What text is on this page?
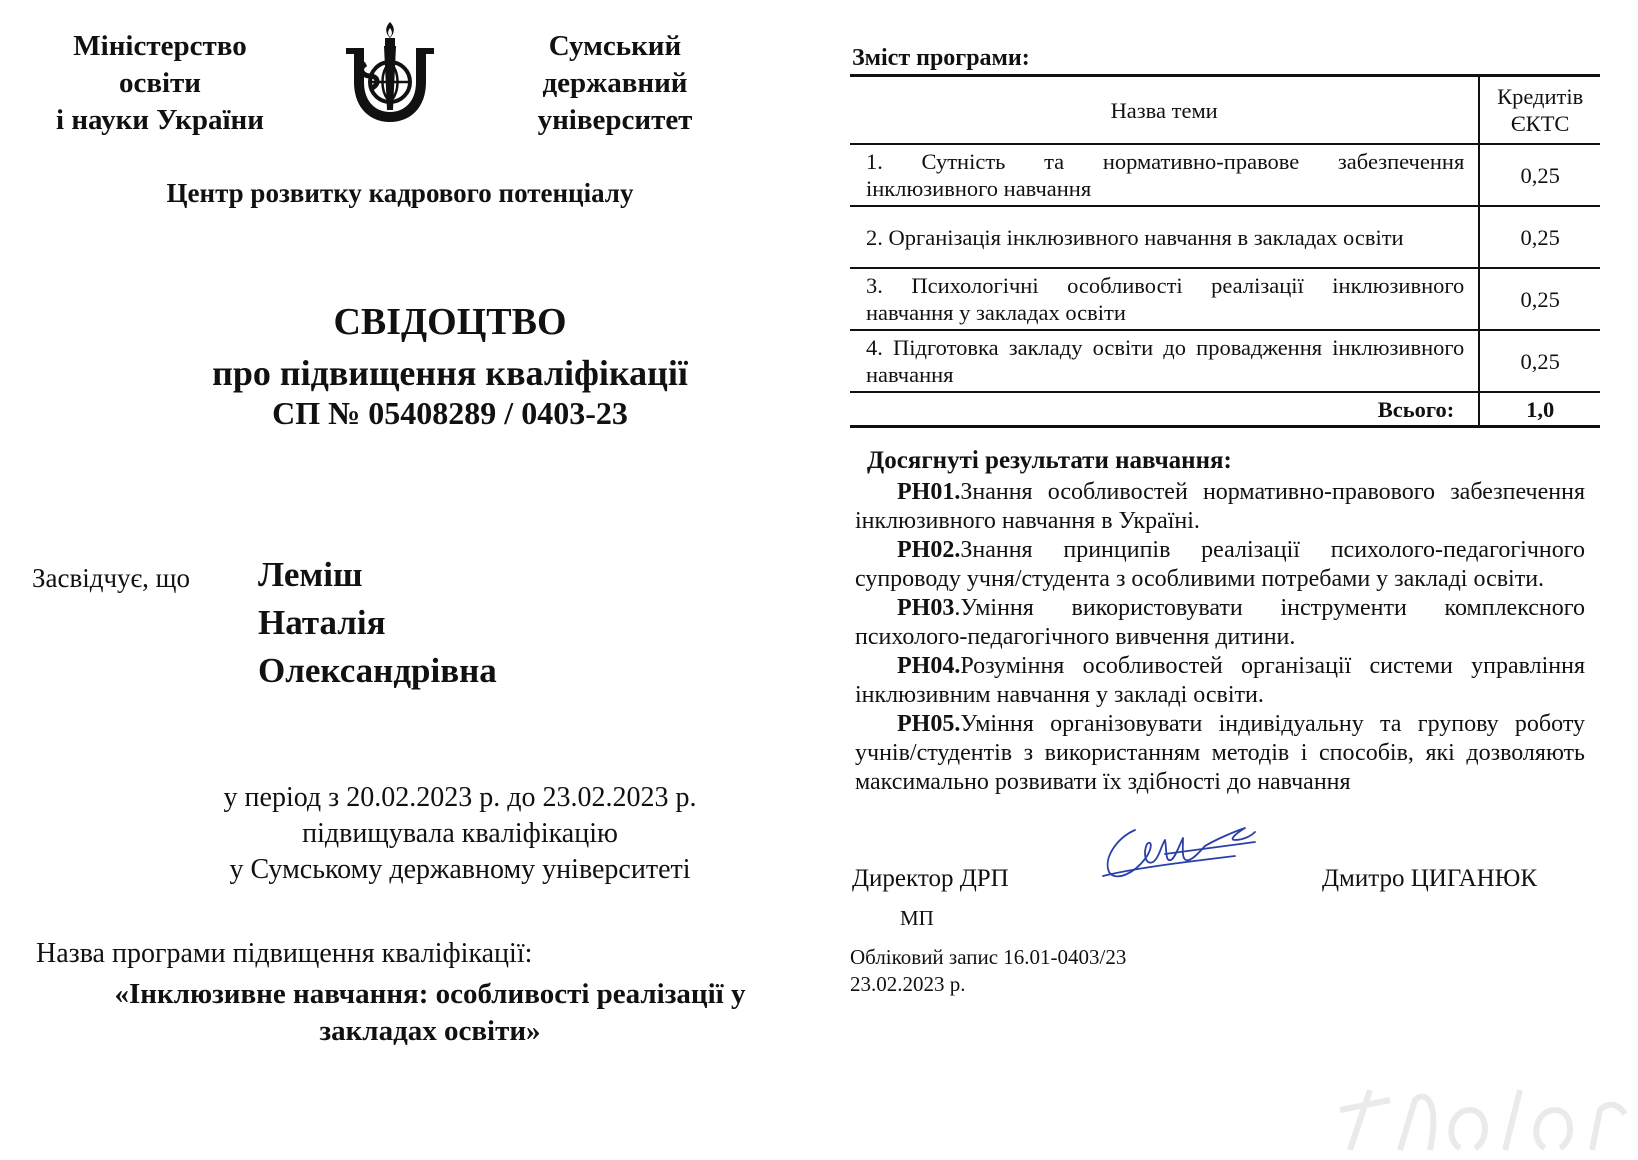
Міністерство
освіти
і науки України
Сумський
державний
університет
Центр розвитку кадрового потенціалу
СВІДОЦТВО
про підвищення кваліфікації
СП № 05408289 / 0403-23
Засвідчує, що Леміш
Наталія
Олександрівна
у період з 20.02.2023 р. до 23.02.2023 р.
підвищувала кваліфікацію
у Сумському державному університеті
Назва програми підвищення кваліфікації:
«Інклюзивне навчання: особливості реалізації у
закладах освіти»
Зміст програми:
Назва теми	Кредитів ЄКТС
1. Сутність та нормативно-правове забезпечення інклюзивного навчання	0,25
2. Організація інклюзивного навчання в закладах освіти	0,25
3. Психологічні особливості реалізації інклюзивного навчання у закладах освіти	0,25
4. Підготовка закладу освіти до провадження інклюзивного навчання	0,25
Всього:	1,0
Досягнуті результати навчання:

РН01.Знання особливостей нормативно-правового забезпечення інклюзивного навчання в Україні.

РН02.Знання принципів реалізації психолого-педагогічного супроводу учня/студента з особливими потребами у закладі освіти.

РН03.Уміння використовувати інструменти комплексного психолого-педагогічного вивчення дитини.

РН04.Розуміння особливостей організації системи управління інклюзивним навчання у закладі освіти.

РН05.Уміння організовувати індивідуальну та групову роботу учнів/студентів з використанням методів і способів, які дозволяють максимально розвивати їх здібності до навчання

Директор ДРП	Дмитро ЦИГАНЮК
МП
Обліковий запис 16.01-0403/23
23.02.2023 р.
